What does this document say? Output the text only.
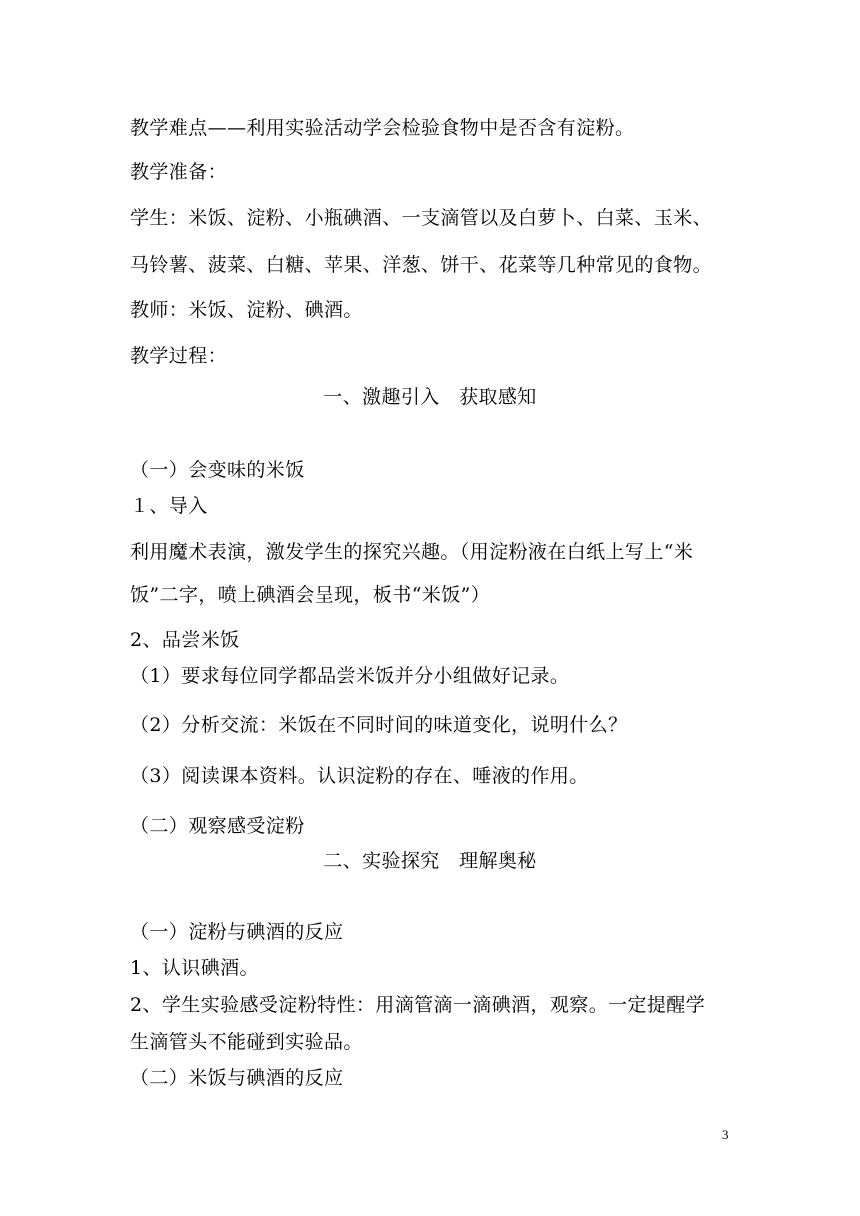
教学难点——利用实验活动学会检验食物中是否含有淀粉。
教学准备：
学生：米饭、淀粉、小瓶碘酒、一支滴管以及白萝卜、白菜、玉米、
马铃薯、菠菜、白糖、苹果、洋葱、饼干、花菜等几种常见的食物。
教师：米饭、淀粉、碘酒。
教学过程：
一、激趣引入　获取感知
（一）会变味的米饭
１、导入
利用魔术表演，激发学生的探究兴趣。（用淀粉液在白纸上写上“米
饭”二字，喷上碘酒会呈现，板书“米饭”）
2、品尝米饭
（1）要求每位同学都品尝米饭并分小组做好记录。
（2）分析交流：米饭在不同时间的味道变化，说明什么？
（3）阅读课本资料。认识淀粉的存在、唾液的作用。
（二）观察感受淀粉
二、实验探究　理解奥秘
（一）淀粉与碘酒的反应
1、认识碘酒。
2、学生实验感受淀粉特性：用滴管滴一滴碘酒，观察。一定提醒学
生滴管头不能碰到实验品。
（二）米饭与碘酒的反应
3
